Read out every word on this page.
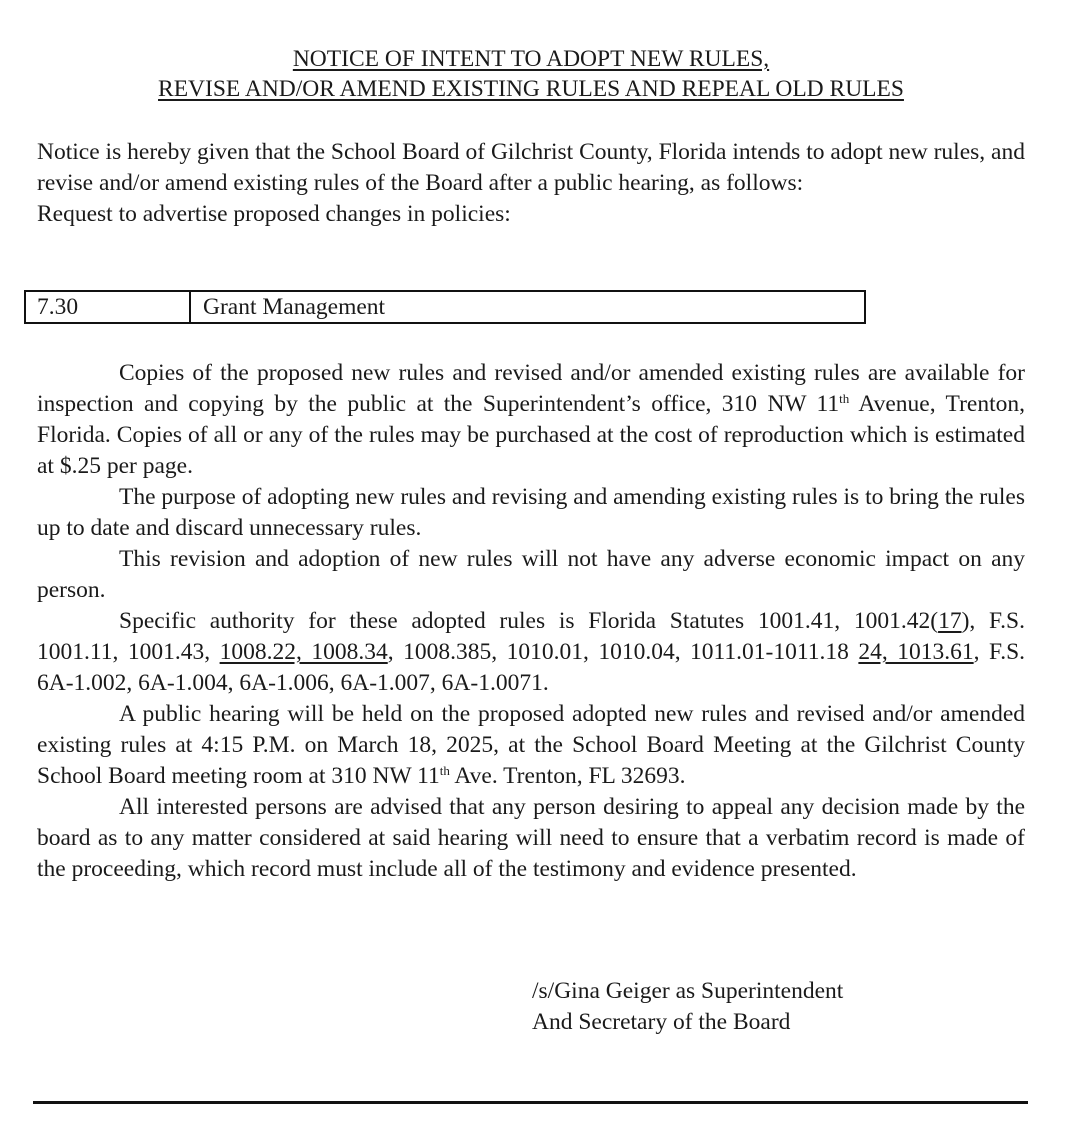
NOTICE OF INTENT TO ADOPT NEW RULES,
REVISE AND/OR AMEND EXISTING RULES AND REPEAL OLD RULES

Notice is hereby given that the School Board of Gilchrist County, Florida intends to adopt new rules, and revise and/or amend existing rules of the Board after a public hearing, as follows:

Request to advertise proposed changes in policies:

7.30	Grant Management

Copies of the proposed new rules and revised and/or amended existing rules are available for inspection and copying by the public at the Superintendent’s office, 310 NW 11th Avenue, Trenton, Florida. Copies of all or any of the rules may be purchased at the cost of reproduction which is estimated at $.25 per page.

The purpose of adopting new rules and revising and amending existing rules is to bring the rules up to date and discard unnecessary rules.

This revision and adoption of new rules will not have any adverse economic impact on any person.

Specific authority for these adopted rules is Florida Statutes 1001.41, 1001.42(17), F.S. 1001.11, 1001.43, 1008.22, 1008.34, 1008.385, 1010.01, 1010.04, 1011.01-1011.18 24, 1013.61, F.S. 6A-1.002, 6A-1.004, 6A-1.006, 6A-1.007, 6A-1.0071.

A public hearing will be held on the proposed adopted new rules and revised and/or amended existing rules at 4:15 P.M. on March 18, 2025, at the School Board Meeting at the Gilchrist County School Board meeting room at 310 NW 11th Ave. Trenton, FL 32693.

All interested persons are advised that any person desiring to appeal any decision made by the board as to any matter considered at said hearing will need to ensure that a verbatim record is made of the proceeding, which record must include all of the testimony and evidence presented.

/s/Gina Geiger as Superintendent
And Secretary of the Board
